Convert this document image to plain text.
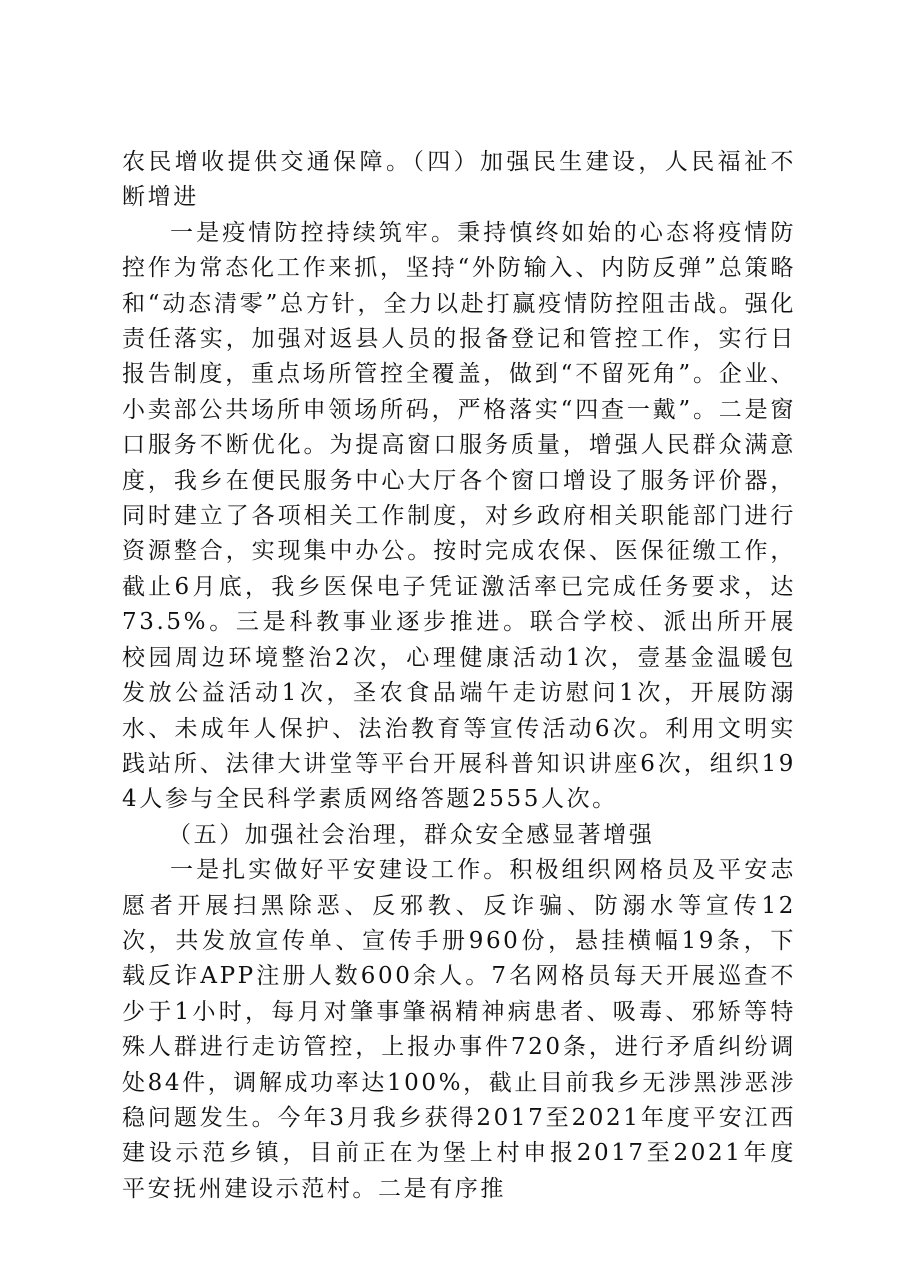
农民增收提供交通保障。（四）加强民生建设，人民福祉不断增进

一是疫情防控持续筑牢。秉持慎终如始的心态将疫情防控作为常态化工作来抓，坚持“外防输入、内防反弹”总策略和“动态清零”总方针，全力以赴打赢疫情防控阻击战。强化责任落实，加强对返县人员的报备登记和管控工作，实行日报告制度，重点场所管控全覆盖，做到“不留死角”。企业、小卖部公共场所申领场所码，严格落实“四查一戴”。二是窗口服务不断优化。为提高窗口服务质量，增强人民群众满意度，我乡在便民服务中心大厅各个窗口增设了服务评价器，同时建立了各项相关工作制度，对乡政府相关职能部门进行资源整合，实现集中办公。按时完成农保、医保征缴工作，截止6月底，我乡医保电子凭证激活率已完成任务要求，达73.5%。三是科教事业逐步推进。联合学校、派出所开展校园周边环境整治2次，心理健康活动1次，壹基金温暖包发放公益活动1次，圣农食品端午走访慰问1次，开展防溺水、未成年人保护、法治教育等宣传活动6次。利用文明实践站所、法律大讲堂等平台开展科普知识讲座6次，组织194人参与全民科学素质网络答题2555人次。

（五）加强社会治理，群众安全感显著增强

一是扎实做好平安建设工作。积极组织网格员及平安志愿者开展扫黑除恶、反邪教、反诈骗、防溺水等宣传12次，共发放宣传单、宣传手册960份，悬挂横幅19条，下载反诈APP注册人数600余人。7名网格员每天开展巡查不少于1小时，每月对肇事肇祸精神病患者、吸毒、邪矫等特殊人群进行走访管控，上报办事件720条，进行矛盾纠纷调处84件，调解成功率达100%，截止目前我乡无涉黑涉恶涉稳问题发生。今年3月我乡获得2017至2021年度平安江西建设示范乡镇，目前正在为堡上村申报2017至2021年度平安抚州建设示范村。二是有序推
